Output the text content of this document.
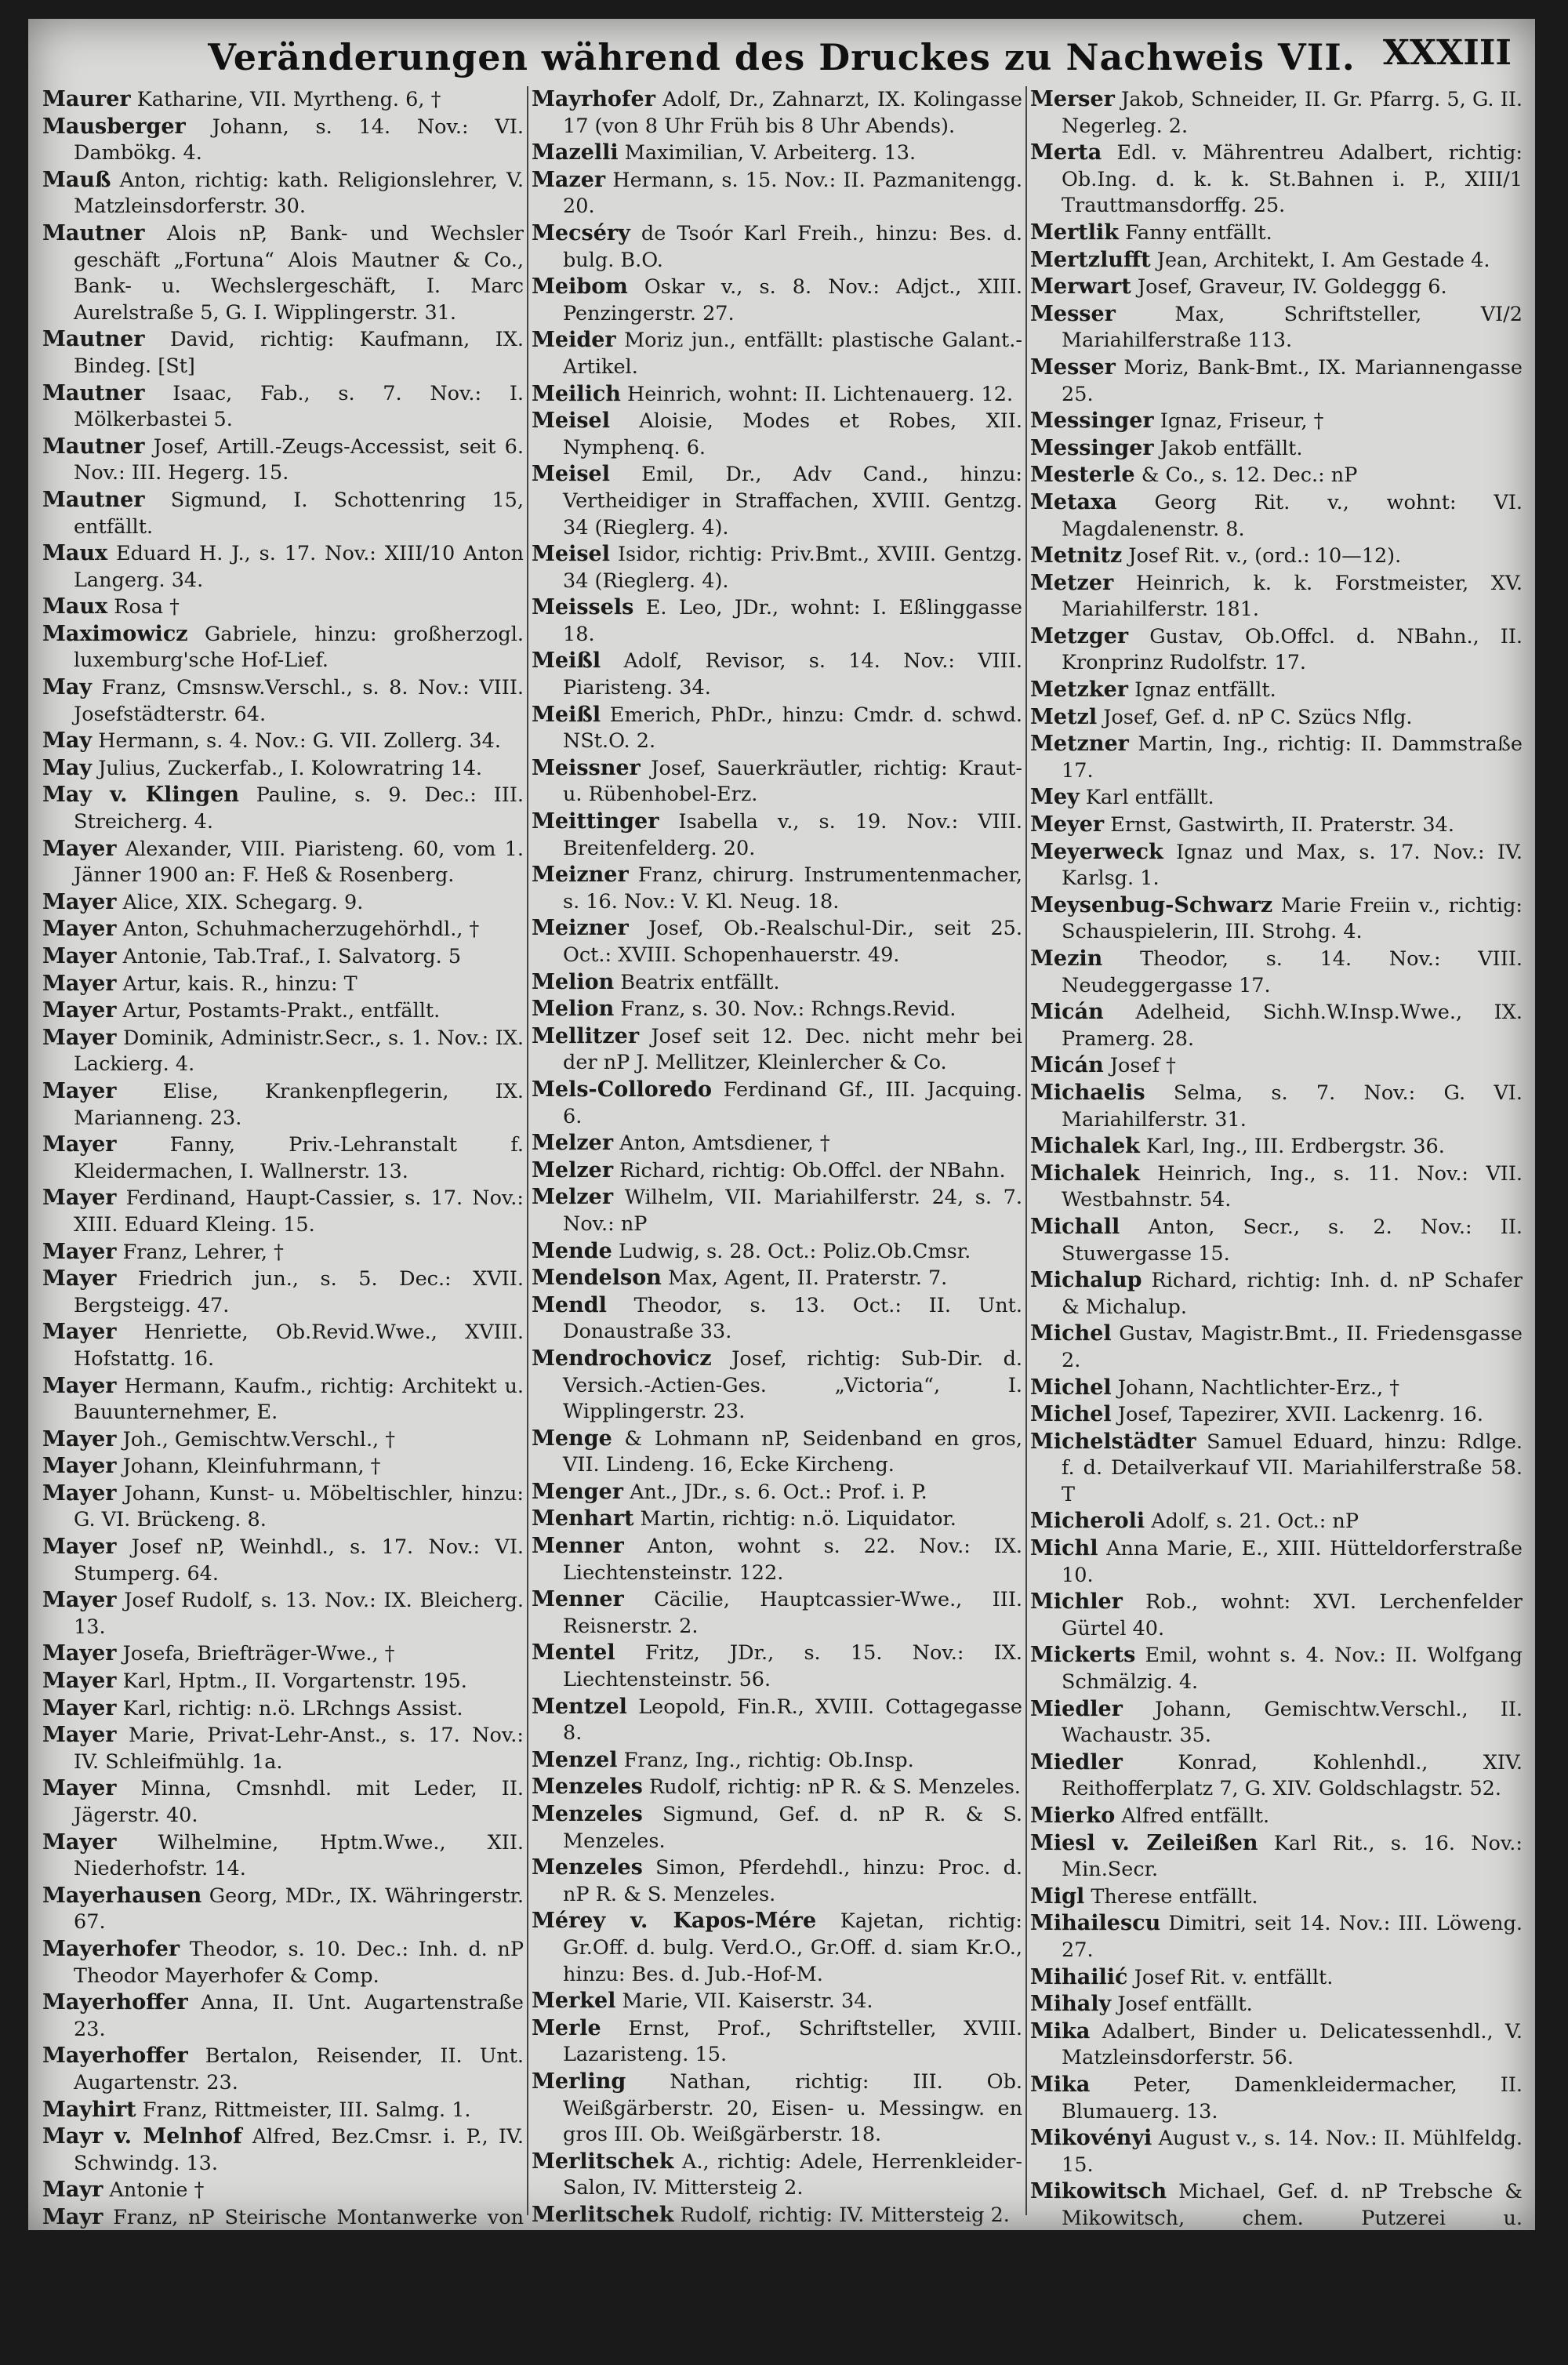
Veränderungen während des Druckes zu Nachweis VII. XXXIII
Maurer Katharine, VII. Myrtheng. 6, †
Mausberger Johann, s. 14. Nov.: VI. Dambökg. 4.
Mauß Anton, richtig: kath. Religionslehrer, V. Matzleinsdorferstr. 30.
Mautner Alois nP, Bank- und Wechsler geschäft „Fortuna“ Alois Mautner & Co., Bank- u. Wechslergeschäft, I. Marc Aurelstraße 5, G. I. Wipplingerstr. 31.
Mautner David, richtig: Kaufmann, IX. Bindeg. [St]
Mautner Isaac, Fab., s. 7. Nov.: I. Mölkerbastei 5.
Mautner Josef, Artill.-Zeugs-Accessist, seit 6. Nov.: III. Hegerg. 15.
Mautner Sigmund, I. Schottenring 15, entfällt.
Maux Eduard H. J., s. 17. Nov.: XIII/10 Anton Langerg. 34.
Maux Rosa †
Maximowicz Gabriele, hinzu: großherzogl. luxemburg'sche Hof-Lief.
May Franz, Cmsnsw.Verschl., s. 8. Nov.: VIII. Josefstädterstr. 64.
May Hermann, s. 4. Nov.: G. VII. Zollerg. 34.
May Julius, Zuckerfab., I. Kolowratring 14.
May v. Klingen Pauline, s. 9. Dec.: III. Streicherg. 4.
Mayer Alexander, VIII. Piaristeng. 60, vom 1. Jänner 1900 an: F. Heß & Rosenberg.
Mayer Alice, XIX. Schegarg. 9.
Mayer Anton, Schuhmacherzugehörhdl., †
Mayer Antonie, Tab.Traf., I. Salvatorg. 5
Mayer Artur, kais. R., hinzu: T
Mayer Artur, Postamts-Prakt., entfällt.
Mayer Dominik, Administr.Secr., s. 1. Nov.: IX. Lackierg. 4.
Mayer Elise, Krankenpflegerin, IX. Marianneng. 23.
Mayer	Fanny, Priv.-Lehranstalt f. Kleidermachen, I. Wallnerstr. 13.
Mayer Ferdinand, Haupt-Cassier, s. 17. Nov.: XIII. Eduard Kleing. 15.
Mayer Franz, Lehrer, †
Mayer Friedrich jun., s. 5. Dec.: XVII. Bergsteigg. 47.
Mayer Henriette, Ob.Revid.Wwe., XVIII. Hofstattg. 16.
Mayer Hermann, Kaufm., richtig: Architekt u. Bauunternehmer, E.
Mayer Joh., Gemischtw.Verschl., †
Mayer Johann, Kleinfuhrmann, †
Mayer Johann, Kunst- u. Möbeltischler, hinzu: G. VI. Brückeng. 8.
Mayer Josef nP, Weinhdl., s. 17. Nov.: VI. Stumperg. 64.
Mayer Josef Rudolf, s. 13. Nov.: IX. Bleicherg. 13.
Mayer Josefa, Briefträger-Wwe., †
Mayer Karl, Hptm., II. Vorgartenstr. 195.
Mayer Karl, richtig: n.ö. LRchngs Assist.
Mayer Marie, Privat-Lehr-Anst., s. 17. Nov.: IV. Schleifmühlg. 1a.
Mayer Minna, Cmsnhdl. mit Leder, II. Jägerstr. 40.
Mayer Wilhelmine, Hptm.Wwe., XII. Niederhofstr. 14.
Mayerhausen Georg, MDr., IX. Währingerstr. 67.
Mayerhofer Theodor, s. 10. Dec.: Inh. d. nP Theodor Mayerhofer & Comp.
Mayerhoffer Anna, II. Unt. Augartenstraße 23.
Mayerhoffer Bertalon, Reisender, II. Unt. Augartenstr. 23.
Mayhirt Franz, Rittmeister, III. Salmg. 1.
Mayr v. Melnhof Alfred, Bez.Cmsr. i. P., IV. Schwindg. 13.
Mayr Antonie †
Mayr Franz, nP Steirische Montanwerke von Franz Mayr-Melnhof, entfällt.
Mayr Heinrich, MDr., VIII. Florianig. 50a.
Mayr Ludwig, Priv.Bmt., s. 4. Oct.: XVII. Hernalser Hauptstr. 6.
Mayrhofer Adolf, Dr., Zahnarzt, IX. Kolingasse 17 (von 8 Uhr Früh bis 8 Uhr Abends).
Mazelli Maximilian, V. Arbeiterg. 13.
Mazer Hermann, s. 15. Nov.: II. Pazmanitengg. 20.
Mecséry de Tsoór Karl Freih., hinzu: Bes. d. bulg. B.O.
Meibom Oskar v., s. 8. Nov.: Adjct., XIII. Penzingerstr. 27.
Meider Moriz jun., entfällt: plastische Galant.-Artikel.
Meilich Heinrich, wohnt: II. Lichtenauerg. 12.
Meisel Aloisie, Modes et Robes, XII. Nymphenq. 6.
Meisel Emil, Dr., Adv Cand., hinzu: Vertheidiger in Straffachen, XVIII. Gentzg. 34 (Rieglerg. 4).
Meisel Isidor, richtig: Priv.Bmt., XVIII. Gentzg. 34 (Rieglerg. 4).
Meissels E. Leo, JDr., wohnt: I. Eßlinggasse 18.
Meißl Adolf, Revisor, s. 14. Nov.: VIII. Piaristeng. 34.
Meißl Emerich, PhDr., hinzu: Cmdr. d. schwd. NSt.O. 2.
Meissner Josef, Sauerkräutler, richtig: Kraut- u. Rübenhobel-Erz.
Meittinger Isabella v., s. 19. Nov.: VIII. Breitenfelderg. 20.
Meizner Franz, chirurg. Instrumentenmacher, s. 16. Nov.: V. Kl. Neug. 18.
Meizner Josef, Ob.-Realschul-Dir., seit 25. Oct.: XVIII. Schopenhauerstr. 49.
Melion Beatrix entfällt.
Melion Franz, s. 30. Nov.: Rchngs.Revid.
Mellitzer Josef seit 12. Dec. nicht mehr bei der nP J. Mellitzer, Kleinlercher & Co.
Mels-Colloredo Ferdinand Gf., III. Jacquing. 6.
Melzer Anton, Amtsdiener, †
Melzer Richard, richtig: Ob.Offcl. der NBahn.
Melzer Wilhelm, VII. Mariahilferstr. 24, s. 7. Nov.: nP
Mende Ludwig, s. 28. Oct.: Poliz.Ob.Cmsr.
Mendelson Max, Agent, II. Praterstr. 7.
Mendl Theodor, s. 13. Oct.: II. Unt. Donaustraße 33.
Mendrochovicz Josef, richtig: Sub-Dir. d. Versich.-Actien-Ges. „Victoria“, I. Wipplingerstr. 23.
Menge & Lohmann nP, Seidenband en gros, VII. Lindeng. 16, Ecke Kircheng.
Menger Ant., JDr., s. 6. Oct.: Prof. i. P.
Menhart Martin, richtig: n.ö. Liquidator.
Menner Anton, wohnt s. 22. Nov.: IX. Liechtensteinstr. 122.
Menner Cäcilie, Hauptcassier-Wwe., III. Reisnerstr. 2.
Mentel Fritz, JDr., s. 15. Nov.: IX. Liechtensteinstr. 56.
Mentzel Leopold, Fin.R., XVIII. Cottagegasse 8.
Menzel Franz, Ing., richtig: Ob.Insp.
Menzeles Rudolf, richtig: nP R. & S. Menzeles.
Menzeles Sigmund, Gef. d. nP R. & S. Menzeles.
Menzeles Simon, Pferdehdl., hinzu: Proc. d. nP R. & S. Menzeles.
Mérey v. Kapos-Mére Kajetan, richtig: Gr.Off. d. bulg. Verd.O., Gr.Off. d. siam Kr.O., hinzu: Bes. d. Jub.-Hof-M.
Merkel Marie, VII. Kaiserstr. 34.
Merle Ernst, Prof., Schriftsteller, XVIII. Lazaristeng. 15.
Merling Nathan, richtig: III. Ob. Weißgärberstr. 20, Eisen- u. Messingw. en gros III. Ob. Weißgärberstr. 18.
Merlitschek A., richtig: Adele, Herrenkleider-Salon, IV. Mittersteig 2.
Merlitschek Rudolf, richtig: IV. Mittersteig 2.
Merniak Josef, s. 13. Nov.: III. Rasumofskygasse 1.
Merser Jakob, Schneider, II. Gr. Pfarrg. 5, G. II. Negerleg. 2.
Merta Edl. v. Mährentreu Adalbert, richtig: Ob.Ing. d. k. k. St.Bahnen i. P., XIII/1 Trauttmansdorffg. 25.
Mertlik Fanny entfällt.
Mertzlufft Jean, Architekt, I. Am Gestade 4.
Merwart Josef, Graveur, IV. Goldeggg 6.
Messer	Max, Schriftsteller, VI/2 Mariahilferstraße 113.
Messer Moriz, Bank-Bmt., IX. Mariannengasse 25.
Messinger Ignaz, Friseur, †
Messinger Jakob entfällt.
Mesterle & Co., s. 12. Dec.: nP
Metaxa Georg Rit. v., wohnt: VI. Magdalenenstr. 8.
Metnitz Josef Rit. v., (ord.: 10—12).
Metzer Heinrich, k. k. Forstmeister, XV. Mariahilferstr. 181.
Metzger Gustav, Ob.Offcl. d. NBahn., II. Kronprinz Rudolfstr. 17.
Metzker Ignaz entfällt.
Metzl Josef, Gef. d. nP C. Szücs Nflg.
Metzner Martin, Ing., richtig: II. Dammstraße 17.
Mey Karl entfällt.
Meyer Ernst, Gastwirth, II. Praterstr. 34.
Meyerweck Ignaz und Max, s. 17. Nov.: IV. Karlsg. 1.
Meysenbug-Schwarz Marie Freiin v., richtig: Schauspielerin, III. Strohg. 4.
Mezin Theodor, s. 14. Nov.: VIII. Neudeggergasse 17.
Micán Adelheid, Sichh.W.Insp.Wwe., IX. Pramerg. 28.
Micán Josef †
Michaelis Selma, s. 7. Nov.: G. VI. Mariahilferstr. 31.
Michalek Karl, Ing., III. Erdbergstr. 36.
Michalek Heinrich, Ing., s. 11. Nov.: VII. Westbahnstr. 54.
Michall Anton, Secr., s. 2. Nov.: II. Stuwergasse 15.
Michalup Richard, richtig: Inh. d. nP Schafer & Michalup.
Michel Gustav, Magistr.Bmt., II. Friedensgasse 2.
Michel Johann, Nachtlichter-Erz., †
Michel Josef, Tapezirer, XVII. Lackenrg. 16.
Michelstädter Samuel Eduard, hinzu: Rdlge. f. d. Detailverkauf VII. Mariahilferstraße 58. T
Micheroli Adolf, s. 21. Oct.: nP
Michl Anna Marie, E., XIII. Hütteldorferstraße 10.
Michler Rob., wohnt: XVI. Lerchenfelder Gürtel 40.
Mickerts Emil, wohnt s. 4. Nov.: II. Wolfgang Schmälzig. 4.
Miedler Johann, Gemischtw.Verschl., II. Wachaustr. 35.
Miedler	Konrad, Kohlenhdl., XIV. Reithofferplatz 7, G. XIV. Goldschlagstr. 52.
Mierko Alfred entfällt.
Miesl v. Zeileißen Karl Rit., s. 16. Nov.: Min.Secr.
Migl Therese entfällt.
Mihailescu Dimitri, seit 14. Nov.: III. Löweng. 27.
Mihailić Josef Rit. v. entfällt.
Mihaly Josef entfällt.
Mika Adalbert, Binder u. Delicatessenhdl., V. Matzleinsdorferstr. 56.
Mika Peter, Damenkleidermacher, II. Blumauerg. 13.
Mikovényi August v., s. 14. Nov.: II. Mühlfeldg. 15.
Mikowitsch Michael, Gef. d. nP Trebsche & Mikowitsch, chem. Putzerei u. Schönfärberei, II. Mathildenplatz 7.
Miksch Gustav, I. Wallnerstr. 1A, Proc. d. nP Toth & Auner.
Mikuli Karoline Edl. v., s. 29. Nov.: IV. Brahmsplatz 5.
